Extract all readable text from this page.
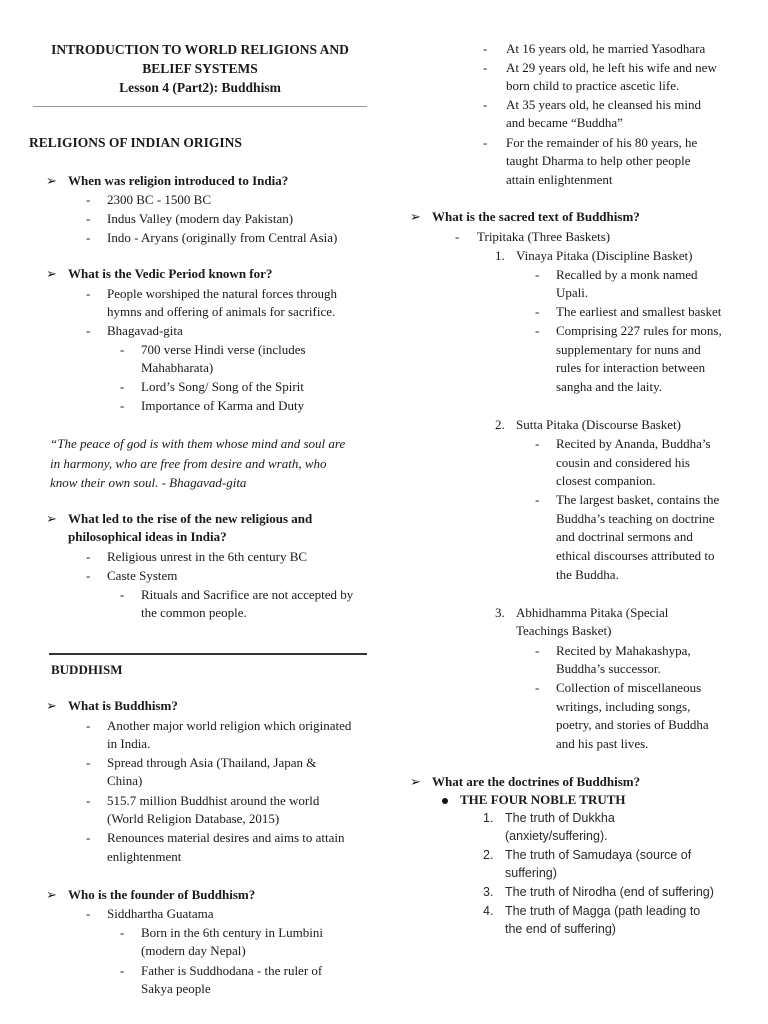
INTRODUCTION TO WORLD RELIGIONS AND
BELIEF SYSTEMS
Lesson 4 (Part2): Buddhism
RELIGIONS OF INDIAN ORIGINS
➢ When was religion introduced to India?
- 2300 BC - 1500 BC
- Indus Valley (modern day Pakistan)
- Indo - Aryans (originally from Central Asia)
➢ What is the Vedic Period known for?
- People worshiped the natural forces through
hymns and offering of animals for sacrifice.
- Bhagavad-gita
- 700 verse Hindi verse (includes
Mahabharata)
- Lord’s Song/ Song of the Spirit
- Importance of Karma and Duty
“The peace of god is with them whose mind and soul are
in harmony, who are free from desire and wrath, who
know their own soul. - Bhagavad-gita
➢ What led to the rise of the new religious and
philosophical ideas in India?
- Religious unrest in the 6th century BC
- Caste System
- Rituals and Sacrifice are not accepted by
the common people.
BUDDHISM
➢ What is Buddhism?
- Another major world religion which originated
in India.
- Spread through Asia (Thailand, Japan &
China)
- 515.7 million Buddhist around the world
(World Religion Database, 2015)
- Renounces material desires and aims to attain
enlightenment
➢ Who is the founder of Buddhism?
- Siddhartha Guatama
- Born in the 6th century in Lumbini
(modern day Nepal)
- Father is Suddhodana - the ruler of
Sakya people
- At 16 years old, he married Yasodhara
- At 29 years old, he left his wife and new
born child to practice ascetic life.
- At 35 years old, he cleansed his mind
and became “Buddha”
- For the remainder of his 80 years, he
taught Dharma to help other people
attain enlightenment
➢ What is the sacred text of Buddhism?
- Tripitaka (Three Baskets)
1. Vinaya Pitaka (Discipline Basket)
- Recalled by a monk named
Upali.
- The earliest and smallest basket
- Comprising 227 rules for mons,
supplementary for nuns and
rules for interaction between
sangha and the laity.
2. Sutta Pitaka (Discourse Basket)
- Recited by Ananda, Buddha’s
cousin and considered his
closest companion.
- The largest basket, contains the
Buddha’s teaching on doctrine
and doctrinal sermons and
ethical discourses attributed to
the Buddha.
3. Abhidhamma Pitaka (Special
Teachings Basket)
- Recited by Mahakashypa,
Buddha’s successor.
- Collection of miscellaneous
writings, including songs,
poetry, and stories of Buddha
and his past lives.
➢ What are the doctrines of Buddhism?
THE FOUR NOBLE TRUTH
1. The truth of Dukkha
(anxiety/suffering).
2. The truth of Samudaya (source of
suffering)
3. The truth of Nirodha (end of suffering)
4. The truth of Magga (path leading to
the end of suffering)
